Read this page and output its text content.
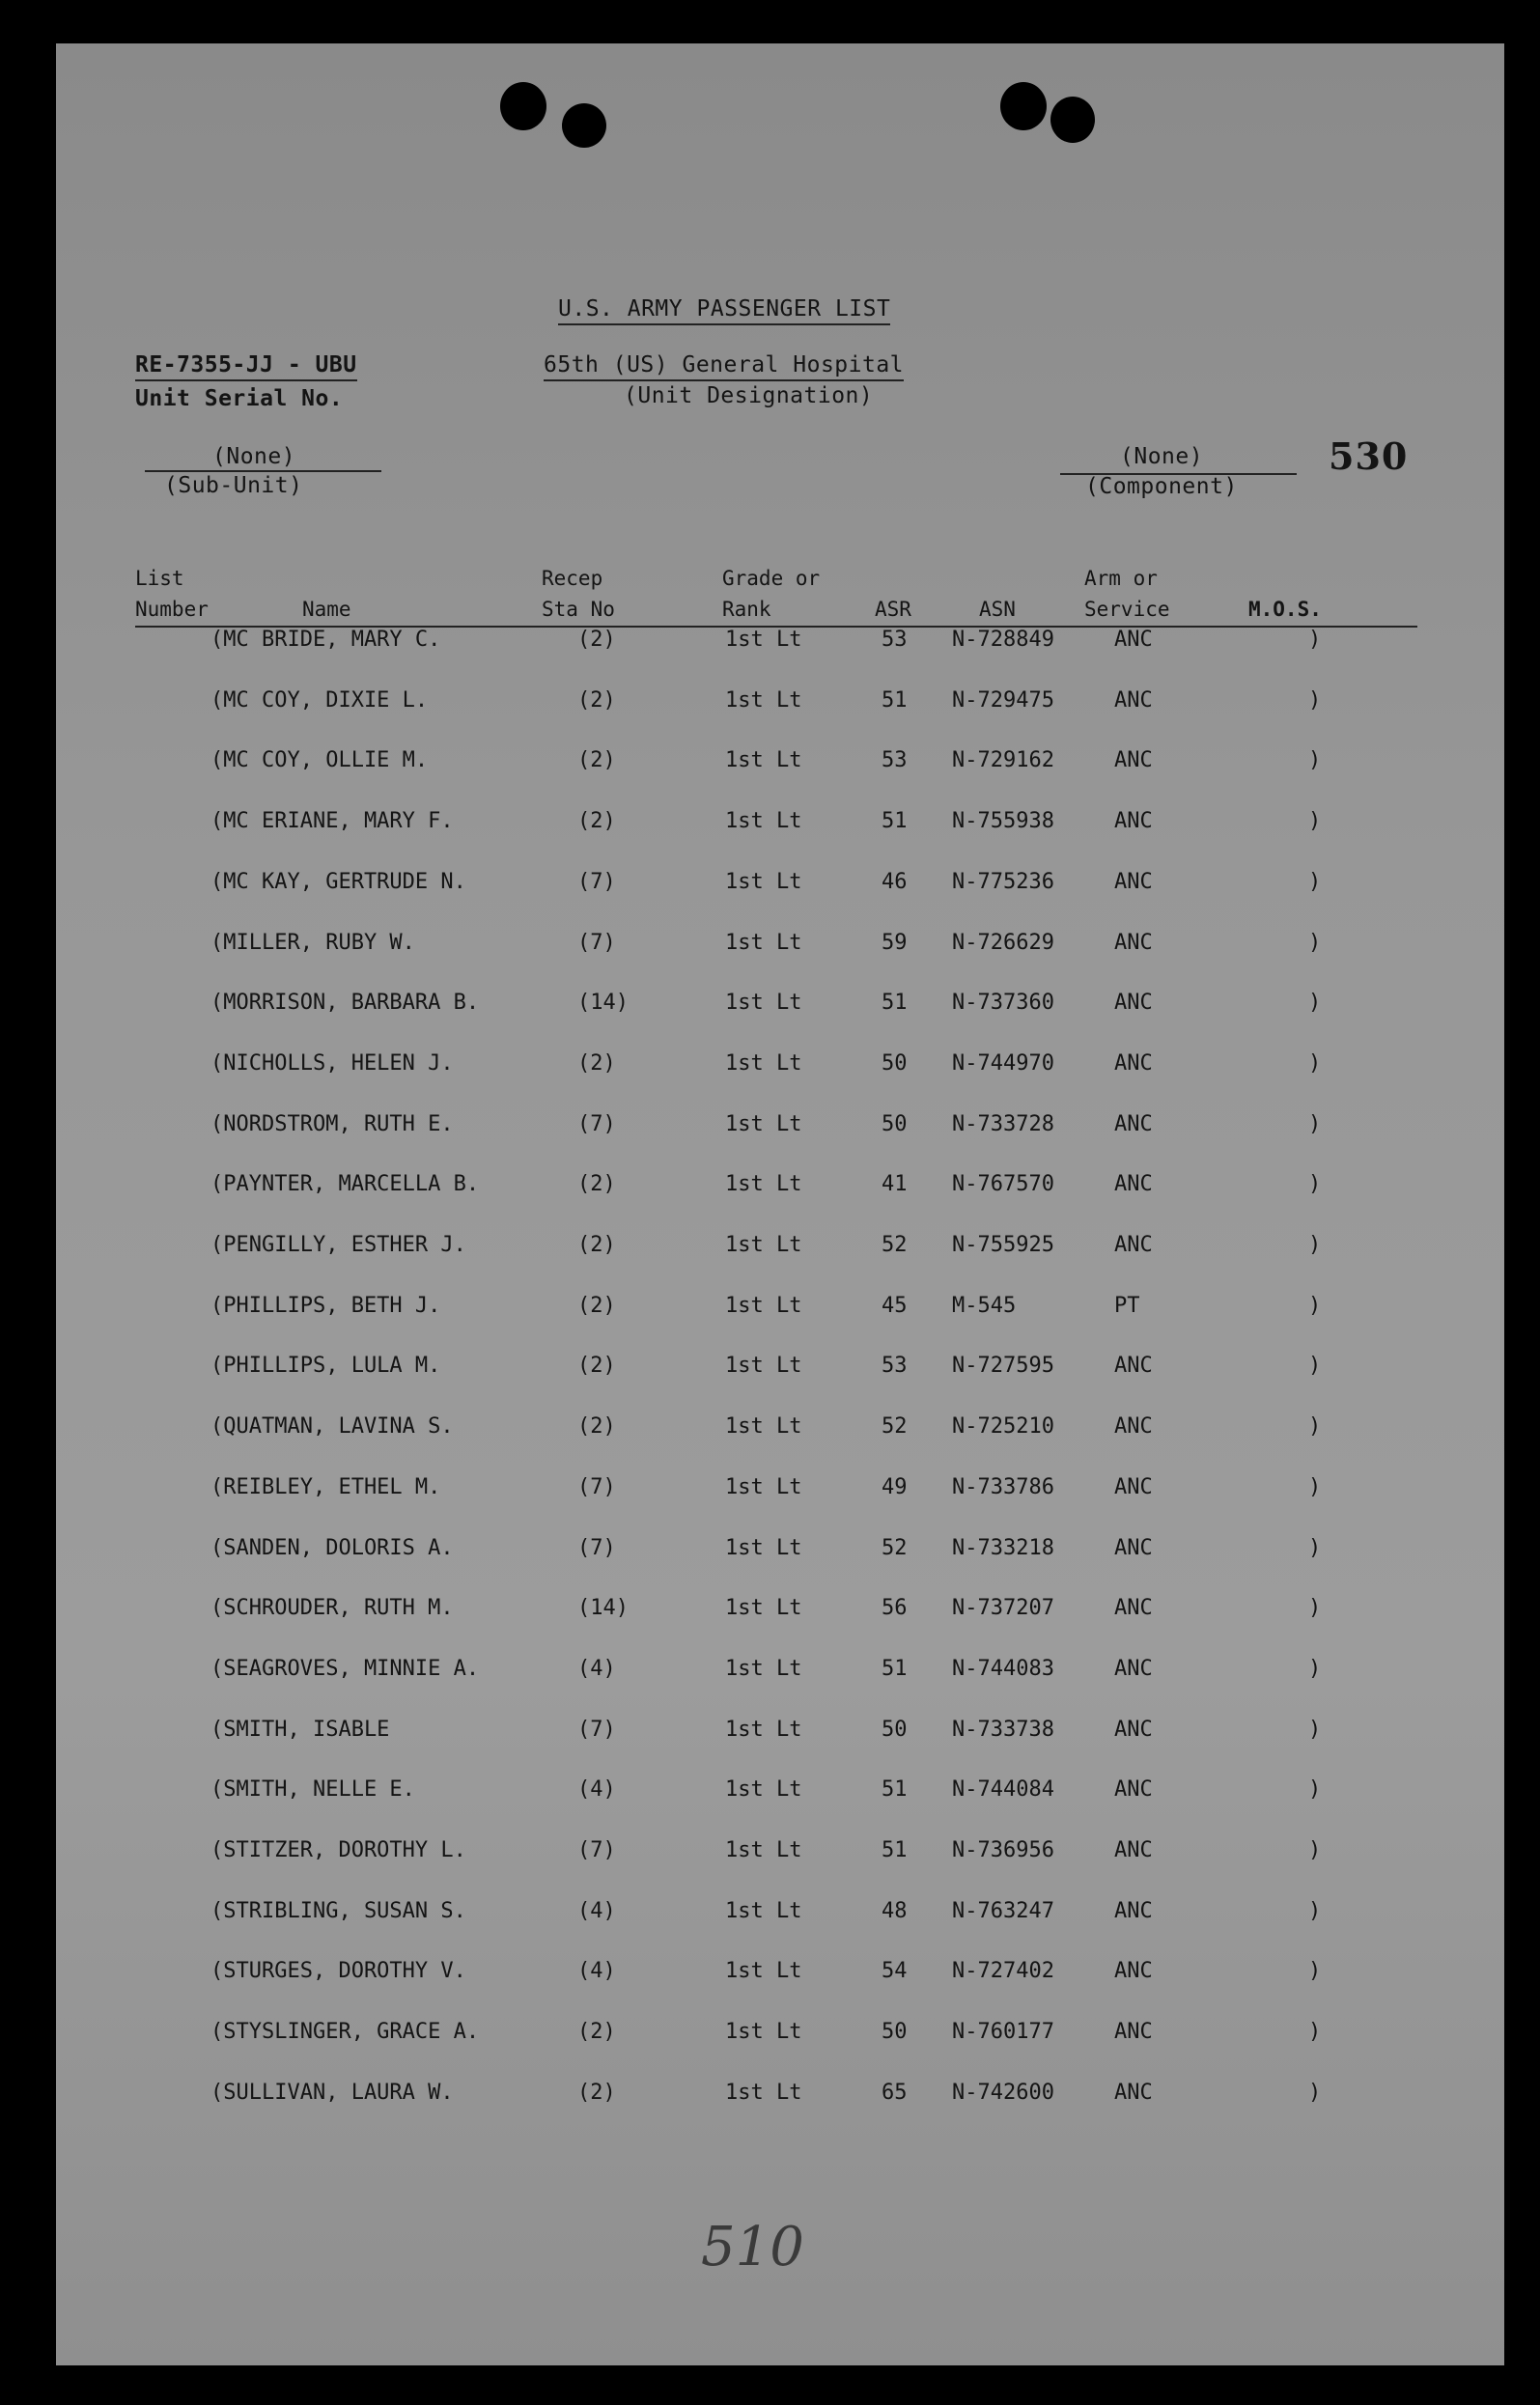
U.S. ARMY PASSENGER LIST
RE-7355-JJ - UBU
Unit Serial No.
65th (US) General Hospital
(Unit Designation)
(None)
(Sub-Unit)
(None)
(Component)
530
List
Number	Name
Recep
Sta No
Grade or
Rank	ASR	ASN
Arm or
Service	M.O.S.
(MC BRIDE, MARY C.	(2)	1st Lt	53 N-728849	ANC	)
(MC COY, DIXIE L.	(2)	1st Lt	51 N-729475	ANC	)
(MC COY, OLLIE M.	(2)	1st Lt	53 N-729162	ANC	)
(MC ERIANE, MARY F.	(2)	1st Lt	51 N-755938	ANC	)
(MC KAY, GERTRUDE N.	(7)	1st Lt	46 N-775236	ANC	)
(MILLER, RUBY W.	(7)	1st Lt	59 N-726629	ANC	)
(MORRISON, BARBARA B.	(14)	1st Lt	51 N-737360	ANC	)
(NICHOLLS, HELEN J.	(2)	1st Lt	50 N-744970	ANC	)
(NORDSTROM, RUTH E.	(7)	1st Lt	50 N-733728	ANC	)
(PAYNTER, MARCELLA B.	(2)	1st Lt	41 N-767570	ANC	)
(PENGILLY, ESTHER J.	(2)	1st Lt	52 N-755925	ANC	)
(PHILLIPS, BETH J.	(2)	1st Lt	45 M-545	PT	)
(PHILLIPS, LULA M.	(2)	1st Lt	53 N-727595	ANC	)
(QUATMAN, LAVINA S.	(2)	1st Lt	52 N-725210	ANC	)
(REIBLEY, ETHEL M.	(7)	1st Lt	49 N-733786	ANC	)
(SANDEN, DOLORIS A.	(7)	1st Lt	52 N-733218	ANC	)
(SCHROUDER, RUTH M.	(14)	1st Lt	56 N-737207	ANC	)
(SEAGROVES, MINNIE A.	(4)	1st Lt	51 N-744083	ANC	)
(SMITH, ISABLE	(7)	1st Lt	50 N-733738	ANC	)
(SMITH, NELLE E.	(4)	1st Lt	51 N-744084	ANC	)
(STITZER, DOROTHY L.	(7)	1st Lt	51 N-736956	ANC	)
(STRIBLING, SUSAN S.	(4)	1st Lt	48 N-763247	ANC	)
(STURGES, DOROTHY V.	(4)	1st Lt	54 N-727402	ANC	)
(STYSLINGER, GRACE A.	(2)	1st Lt	50 N-760177	ANC	)
(SULLIVAN, LAURA W.	(2)	1st Lt	65 N-742600	ANC	)
510
